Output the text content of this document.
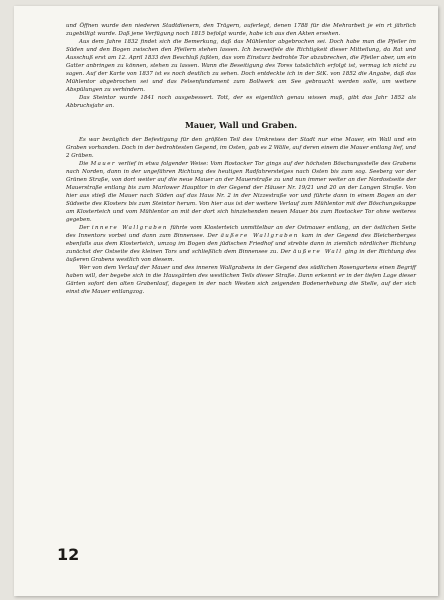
und Öffnen wurde den niederen Stadtdienern, den Trägern, auferlegt, denen 1788 für die Mehrarbeit je ein rt jährlich zugebilligt wurde. Daß jene Verfügung noch 1815 befolgt wurde, habe ich aus den Akten ersehen.

Aus dem Jahre 1832 findet sich die Bemerkung, daß das Mühlentor abgebrochen sei. Doch habe man die Pfeiler im Süden und den Bogen zwischen den Pfeilern stehen lassen. Ich bezweifele die Richtigkeit dieser Mitteilung, da Rat und Ausschuß erst am 12. April 1833 den Beschluß faßten, das vom Einsturz bedrohte Tor abzubrechen, die Pfeiler aber, um ein Gatter anbringen zu können, stehen zu lassen. Wann die Beseitigung des Tores tatsächlich erfolgt ist, vermag ich nicht zu sagen. Auf der Karte von 1837 ist es noch deutlich zu sehen. Doch entdeckte ich in der StK. von 1852 die Angabe, daß das Mühlentor abgebrochen sei und das Felsenfundament zum Bollwerk am See gebraucht werden solle, um weitere Abspülungen zu verhindern.

Das Steintor wurde 1841 noch ausgebessert. Tott, der es eigentlich genau wissen muß, gibt das Jahr 1852 als Abbruchsjahr an.

Mauer, Wall und Graben.

Es war bezüglich der Befestigung für den größten Teil des Umkreises der Stadt nur eine Mauer, ein Wall und ein Graben vorhanden. Doch in der bedrohtesten Gegend, im Osten, gab es 2 Wälle, auf deren einem die Mauer entlang lief, und 2 Gräben.

Die Mauer verlief in etwa folgender Weise: Vom Rostocker Tor gings auf der höchsten Böschungsstelle des Grabens nach Norden, dann in der ungefähren Richtung des heutigen Radfahrersteiges nach Osten bis zum sog. Seeberg vor der Grünen Straße, von dort weiter auf die neue Mauer an der Mauerstraße zu und nun immer weiter an der Nordostseite der Mauerstraße entlang bis zum Marlower Haupttor in der Gegend der Häuser Nr. 19/21 und 20 an der Langen Straße. Von hier aus stieß die Mauer nach Süden auf das Haus Nr. 2 in der Nizzestraße vor und führte dann in einem Bogen an der Südseite des Klosters bis zum Steintor herum. Von hier aus ist der weitere Verlauf zum Mühlentor mit der Böschungskuppe am Klosterteich und vom Mühlentor an mit der dort sich hinziehenden neuen Mauer bis zum Rostocker Tor ohne weiteres gegeben.

Der innere Wallgraben führte vom Klosterteich unmittelbar an der Ostmauer entlang, an der östlichen Seite des Innentors vorbei und dann zum Binnensee. Der äußere Wallgraben kam in der Gegend des Bleicherberges ebenfalls aus dem Klosterteich, umzog im Bogen den jüdischen Friedhof und strebte dann in ziemlich nördlicher Richtung zunächst der Ostseite des kleinen Tors und schließlich dem Binnensee zu. Der äußere Wall ging in der Richtung des äußeren Grabens westlich von diesem.

Wer von dem Verlauf der Mauer und des inneren Wallgrabens in der Gegend des südlichen Rosengartens einen Begriff haben will, der begebe sich in die Hausgärten des westlichen Teils dieser Straße. Dann erkennt er in der tiefen Lage dieser Gärten sofort den alten Grabenlauf, dagegen in der nach Westen sich zeigenden Bodenerhebung die Stelle, auf der sich einst die Mauer entlangzog.

12
